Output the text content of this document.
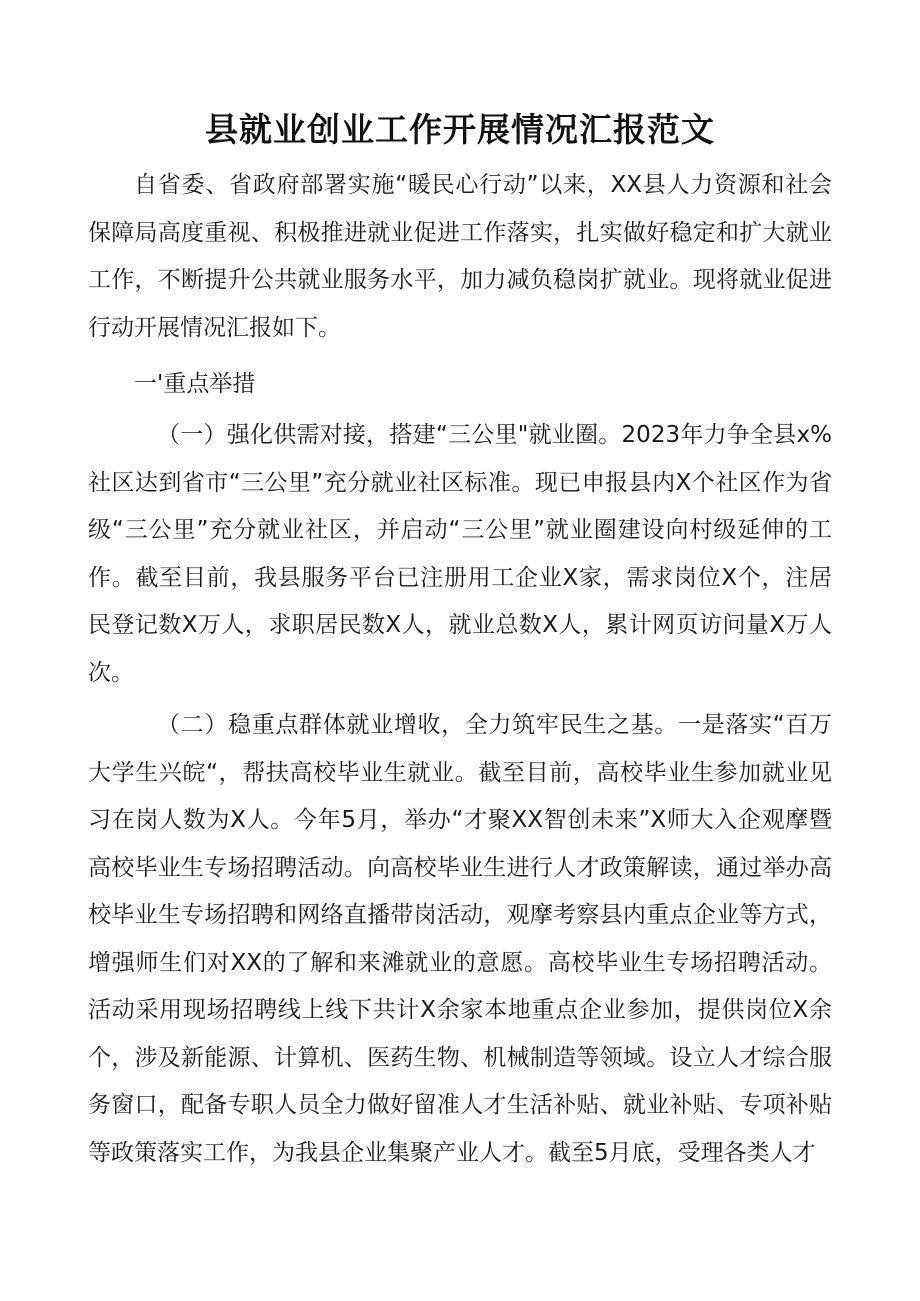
县就业创业工作开展情况汇报范文

自省委、省政府部署实施“暖民心行动”以来，XX县人力资源和社会保障局高度重视、积极推进就业促进工作落实，扎实做好稳定和扩大就业工作，不断提升公共就业服务水平，加力减负稳岗扩就业。现将就业促进行动开展情况汇报如下。

一'重点举措

（一）强化供需对接，搭建“三公里"就业圈。2023年力争全县x%社区达到省市“三公里”充分就业社区标准。现已申报县内X个社区作为省级“三公里”充分就业社区，并启动“三公里”就业圈建设向村级延伸的工作。截至目前，我县服务平台已注册用工企业X家，需求岗位X个，注居民登记数X万人，求职居民数X人，就业总数X人，累计网页访问量X万人次。

（二）稳重点群体就业增收，全力筑牢民生之基。一是落实“百万大学生兴皖“，帮扶高校毕业生就业。截至目前，高校毕业生参加就业见习在岗人数为X人。今年5月，举办“才聚XX智创未来”X师大入企观摩暨高校毕业生专场招聘活动。向高校毕业生进行人才政策解读，通过举办高校毕业生专场招聘和网络直播带岗活动，观摩考察县内重点企业等方式，增强师生们对XX的了解和来滩就业的意愿。高校毕业生专场招聘活动。活动采用现场招聘线上线下共计X余家本地重点企业参加，提供岗位X余个，涉及新能源、计算机、医药生物、机械制造等领域。设立人才综合服务窗口，配备专职人员全力做好留准人才生活补贴、就业补贴、专项补贴等政策落实工作，为我县企业集聚产业人才。截至5月底，受理各类人才
